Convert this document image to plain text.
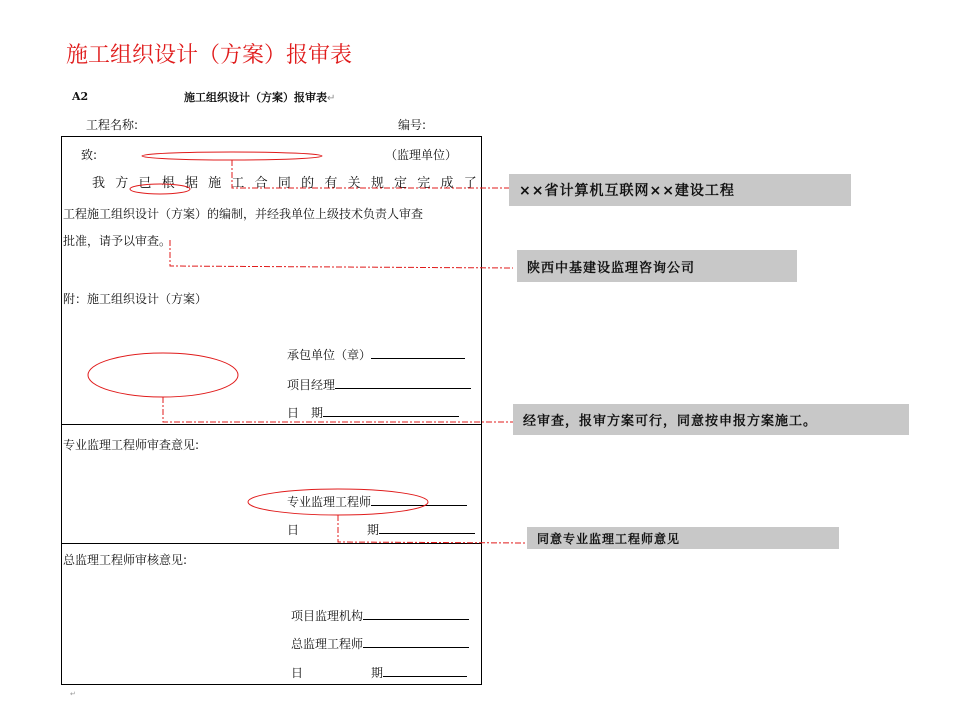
施工组织设计（方案）报审表
A2	施工组织设计（方案）报审表↵
工程名称:	编号:
致:	（监理单位）
我 方 已 根 据 施 工 合 同 的 有 关 规 定 完 成 了
工程施工组织设计（方案）的编制，并经我单位上级技术负责人审查
批准，请予以审查。
附：施工组织设计（方案）
承包单位（章）
项目经理
日　期
专业监理工程师审查意见:
专业监理工程师
日	期
总监理工程师审核意见:
项目监理机构
总监理工程师
日	期
↵
××省计算机互联网××建设工程
陕西中基建设监理咨询公司
经审查，报审方案可行，同意按申报方案施工。
同意专业监理工程师意见
